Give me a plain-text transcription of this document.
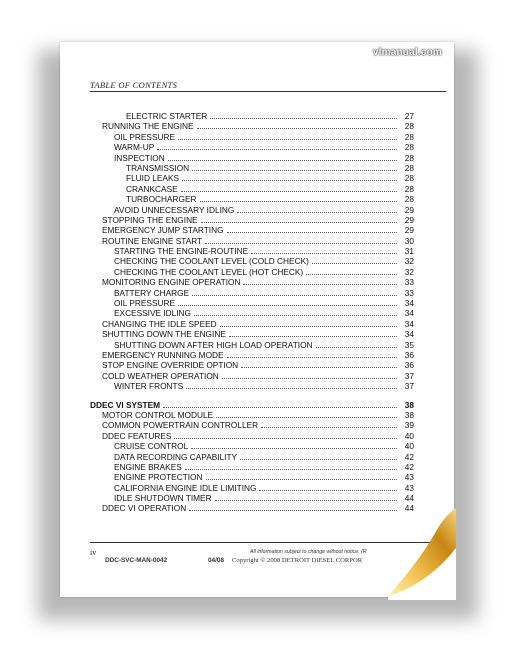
vlmanual.com
TABLE OF CONTENTS
ELECTRIC STARTER	27
RUNNING THE ENGINE	28
OIL PRESSURE	28
WARM-UP	28
INSPECTION	28
TRANSMISSION	28
FLUID LEAKS	28
CRANKCASE	28
TURBOCHARGER	28
AVOID UNNECESSARY IDLING	29
STOPPING THE ENGINE	29
EMERGENCY JUMP STARTING	29
ROUTINE ENGINE START	30
STARTING THE ENGINE-ROUTINE	31
CHECKING THE COOLANT LEVEL (COLD CHECK)	32
CHECKING THE COOLANT LEVEL (HOT CHECK)	32
MONITORING ENGINE OPERATION	33
BATTERY CHARGE	33
OIL PRESSURE	34
EXCESSIVE IDLING	34
CHANGING THE IDLE SPEED	34
SHUTTING DOWN THE ENGINE	34
SHUTTING DOWN AFTER HIGH LOAD OPERATION	35
EMERGENCY RUNNING MODE	36
STOP ENGINE OVERRIDE OPTION	36
COLD WEATHER OPERATION	37
WINTER FRONTS	37
DDEC VI SYSTEM	38
MOTOR CONTROL MODULE	38
COMMON POWERTRAIN CONTROLLER	39
DDEC FEATURES	40
CRUISE CONTROL	40
DATA RECORDING CAPABILITY	42
ENGINE BRAKES	42
ENGINE PROTECTION	43
CALIFORNIA ENGINE IDLE LIMITING	43
IDLE SHUTDOWN TIMER	44
DDEC VI OPERATION	44
iv	All information subject to change without notice. (R
DDC-SVC-MAN-0042	04/08 Copyright © 2008 DETROIT DIESEL CORPOR
